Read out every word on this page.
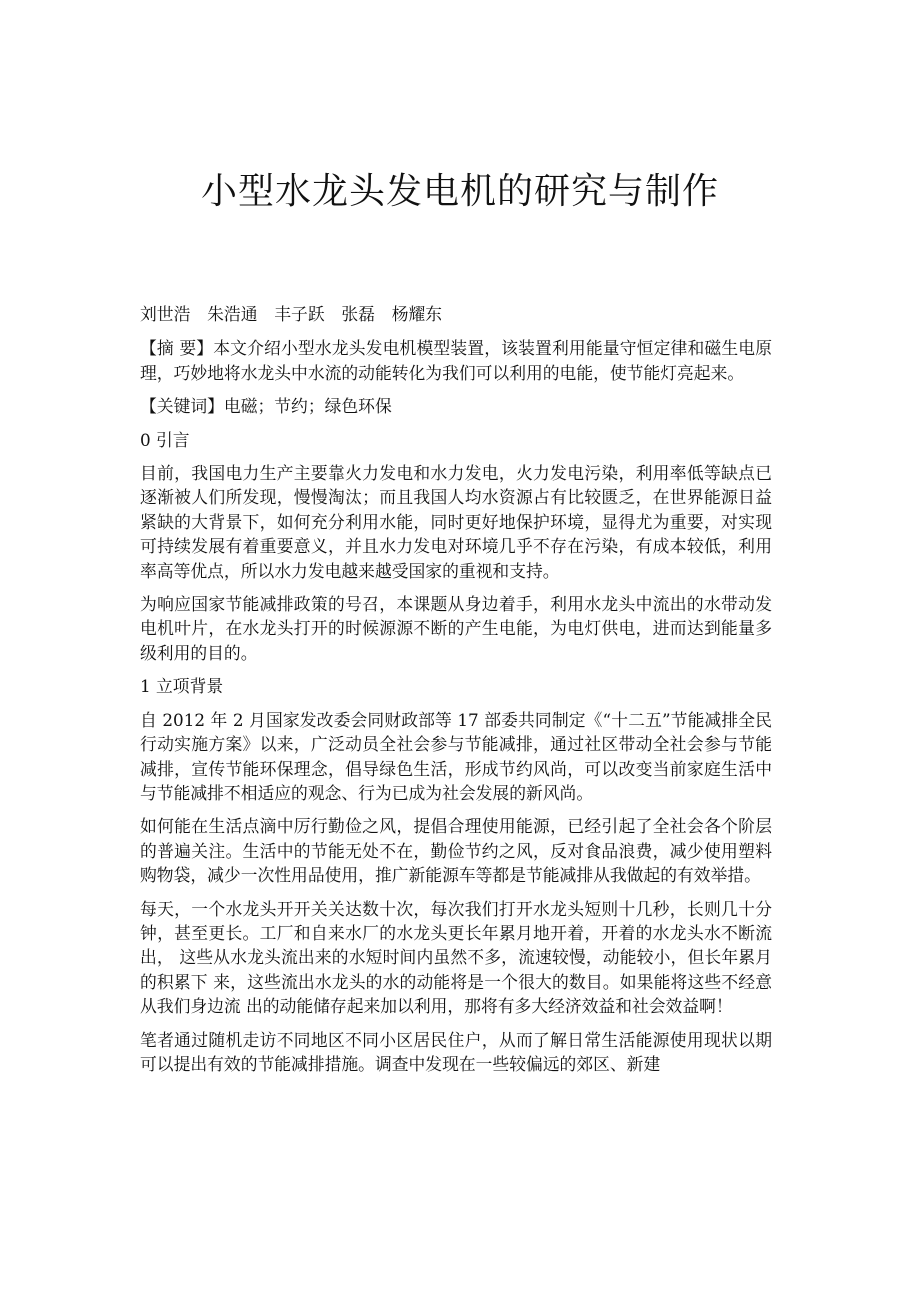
小型水龙头发电机的研究与制作

刘世浩　朱浩通　丰子跃　张磊　杨耀东

【摘 要】本文介绍小型水龙头发电机模型装置，该装置利用能量守恒定律和磁生电原理，巧妙地将水龙头中水流的动能转化为我们可以利用的电能，使节能灯亮起来。

【关键词】电磁；节约；绿色环保

0 引言

目前，我国电力生产主要靠火力发电和水力发电，火力发电污染，利用率低等缺点已逐渐被人们所发现，慢慢淘汰；而且我国人均水资源占有比较匮乏，在世界能源日益紧缺的大背景下，如何充分利用水能，同时更好地保护环境，显得尤为重要，对实现可持续发展有着重要意义，并且水力发电对环境几乎不存在污染，有成本较低，利用率高等优点，所以水力发电越来越受国家的重视和支持。

为响应国家节能减排政策的号召，本课题从身边着手，利用水龙头中流出的水带动发电机叶片，在水龙头打开的时候源源不断的产生电能，为电灯供电，进而达到能量多级利用的目的。

1 立项背景

自 2012 年 2 月国家发改委会同财政部等 17 部委共同制定《“十二五”节能减排全民行动实施方案》以来，广泛动员全社会参与节能减排，通过社区带动全社会参与节能减排，宣传节能环保理念，倡导绿色生活，形成节约风尚，可以改变当前家庭生活中与节能减排不相适应的观念、行为已成为社会发展的新风尚。

如何能在生活点滴中厉行勤俭之风，提倡合理使用能源，已经引起了全社会各个阶层的普遍关注。生活中的节能无处不在，勤俭节约之风，反对食品浪费，减少使用塑料购物袋，减少一次性用品使用，推广新能源车等都是节能减排从我做起的有效举措。

每天，一个水龙头开开关关达数十次，每次我们打开水龙头短则十几秒，长则几十分 钟，甚至更长。工厂和自来水厂的水龙头更长年累月地开着，开着的水龙头水不断流出， 这些从水龙头流出来的水短时间内虽然不多，流速较慢，动能较小，但长年累月的积累下 来，这些流出水龙头的水的动能将是一个很大的数目。如果能将这些不经意从我们身边流 出的动能储存起来加以利用，那将有多大经济效益和社会效益啊！

笔者通过随机走访不同地区不同小区居民住户，从而了解日常生活能源使用现状以期可以提出有效的节能减排措施。调查中发现在一些较偏远的郊区、新建
